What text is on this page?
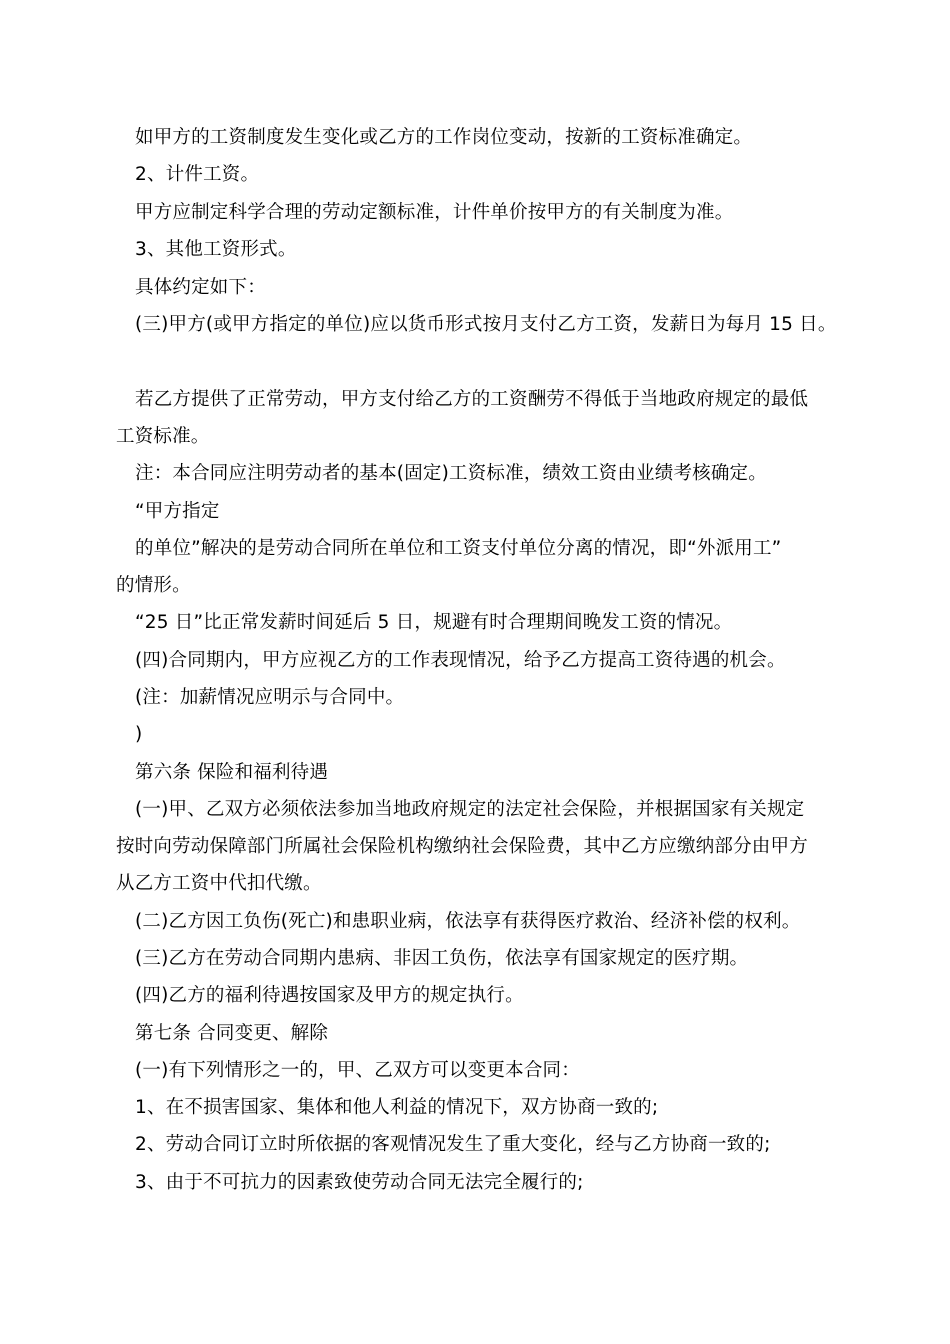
如甲方的工资制度发生变化或乙方的工作岗位变动，按新的工资标准确定。

2、计件工资。

甲方应制定科学合理的劳动定额标准，计件单价按甲方的有关制度为准。

3、其他工资形式。

具体约定如下：

(三)甲方(或甲方指定的单位)应以货币形式按月支付乙方工资，发薪日为每月 15 日。

若乙方提供了正常劳动，甲方支付给乙方的工资酬劳不得低于当地政府规定的最低

工资标准。

注：本合同应注明劳动者的基本(固定)工资标准，绩效工资由业绩考核确定。

“甲方指定

的单位”解决的是劳动合同所在单位和工资支付单位分离的情况，即“外派用工”

的情形。

“25 日”比正常发薪时间延后 5 日，规避有时合理期间晚发工资的情况。

(四)合同期内，甲方应视乙方的工作表现情况，给予乙方提高工资待遇的机会。

(注：加薪情况应明示与合同中。

)

第六条 保险和福利待遇

(一)甲、乙双方必须依法参加当地政府规定的法定社会保险，并根据国家有关规定

按时向劳动保障部门所属社会保险机构缴纳社会保险费，其中乙方应缴纳部分由甲方

从乙方工资中代扣代缴。

(二)乙方因工负伤(死亡)和患职业病，依法享有获得医疗救治、经济补偿的权利。

(三)乙方在劳动合同期内患病、非因工负伤，依法享有国家规定的医疗期。

(四)乙方的福利待遇按国家及甲方的规定执行。

第七条 合同变更、解除

(一)有下列情形之一的，甲、乙双方可以变更本合同：

1、在不损害国家、集体和他人利益的情况下，双方协商一致的;

2、劳动合同订立时所依据的客观情况发生了重大变化，经与乙方协商一致的;

3、由于不可抗力的因素致使劳动合同无法完全履行的;
